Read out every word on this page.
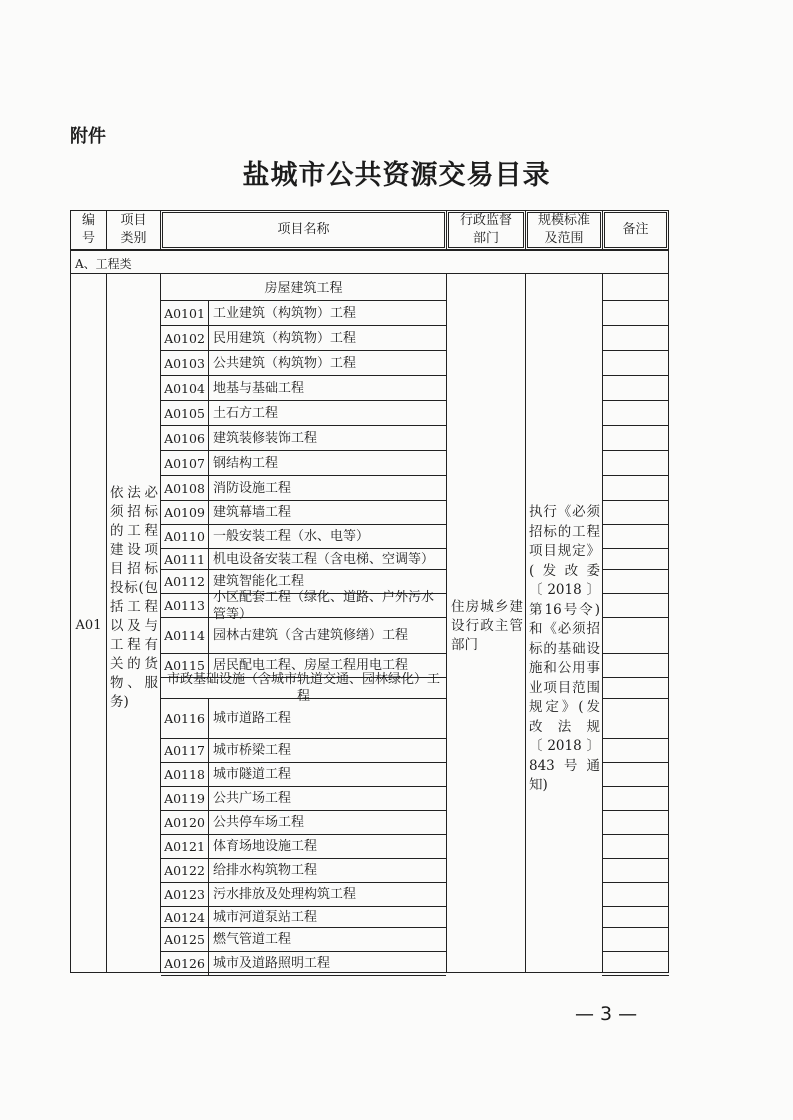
附件
盐城市公共资源交易目录
编号
项目类别
项目名称
行政监督部门
规模标准及范围
备注
A、工程类
A01
依法必须招标的工程建设项目招标投标(包括工程以及与工程有关的货物、服务)
住房城乡建设行政主管部门
执行《必须招标的工程项目规定》(发改委〔2018〕第16号令)和《必须招标的基础设施和公用事业项目范围规定》(发改法规〔2018〕843号通知)
房屋建筑工程
A0101 工业建筑（构筑物）工程
A0102 民用建筑（构筑物）工程
A0103 公共建筑（构筑物）工程
A0104 地基与基础工程
A0105 土石方工程
A0106 建筑装修装饰工程
A0107 钢结构工程
A0108 消防设施工程
A0109 建筑幕墙工程
A0110 一般安装工程（水、电等）
A0111 机电设备安装工程（含电梯、空调等）
A0112 建筑智能化工程
A0113
小区配套工程（绿化、道路、户外污水管等）
A0114 园林古建筑（含古建筑修缮）工程
A0115 居民配电工程、房屋工程用电工程
市政基础设施（含城市轨道交通、园林绿化）工程
A0116 城市道路工程
A0117 城市桥梁工程
A0118 城市隧道工程
A0119 公共广场工程
A0120 公共停车场工程
A0121 体育场地设施工程
A0122 给排水构筑物工程
A0123 污水排放及处理构筑工程
A0124 城市河道泵站工程
A0125 燃气管道工程
A0126 城市及道路照明工程
— 3 —
